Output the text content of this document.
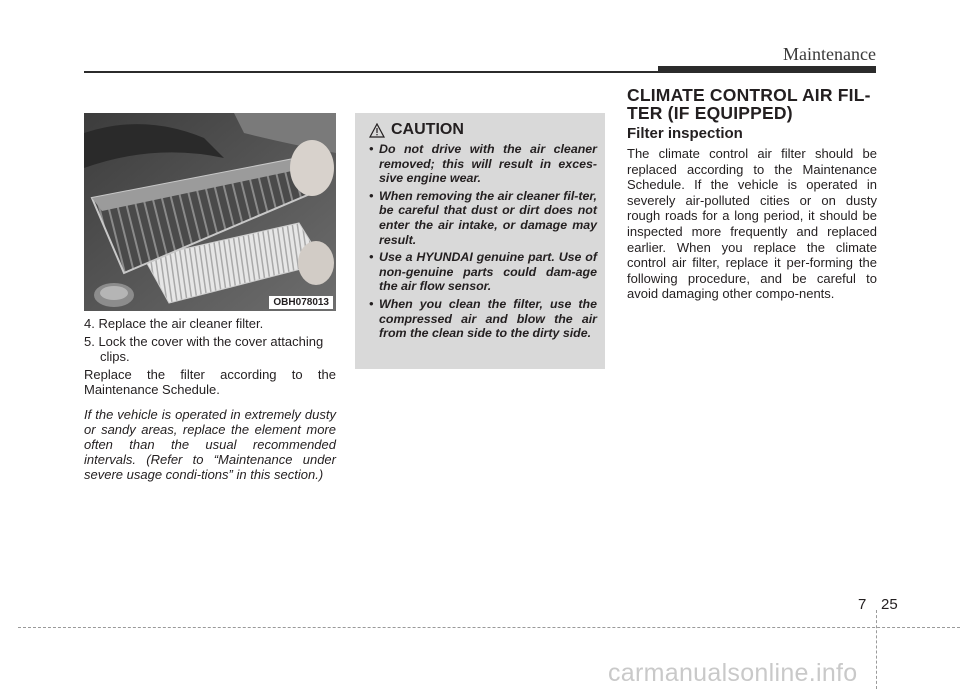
Maintenance
OBH078013

4. Replace the air cleaner filter.

5. Lock the cover with the cover attaching clips.

Replace the filter according to the Maintenance Schedule.

If the vehicle is operated in extremely dusty or sandy areas, replace the element more often than the usual recommended intervals. (Refer to “Maintenance under severe usage condi-tions” in this section.)

CAUTION
• Do not drive with the air cleaner removed; this will result in exces-sive engine wear.
• When removing the air cleaner fil-ter, be careful that dust or dirt does not enter the air intake, or damage may result.
• Use a HYUNDAI genuine part. Use of non-genuine parts could dam-age the air flow sensor.
• When you clean the filter, use the compressed air and blow the air from the clean side to the dirty side.
CLIMATE CONTROL AIR FIL-
TER (IF EQUIPPED)
Filter inspection

The climate control air filter should be replaced according to the Maintenance Schedule. If the vehicle is operated in severely air-polluted cities or on dusty rough roads for a long period, it should be inspected more frequently and replaced earlier. When you replace the climate control air filter, replace it per-forming the following procedure, and be careful to avoid damaging other compo-nents.

7 25
carmanualsonline.info
